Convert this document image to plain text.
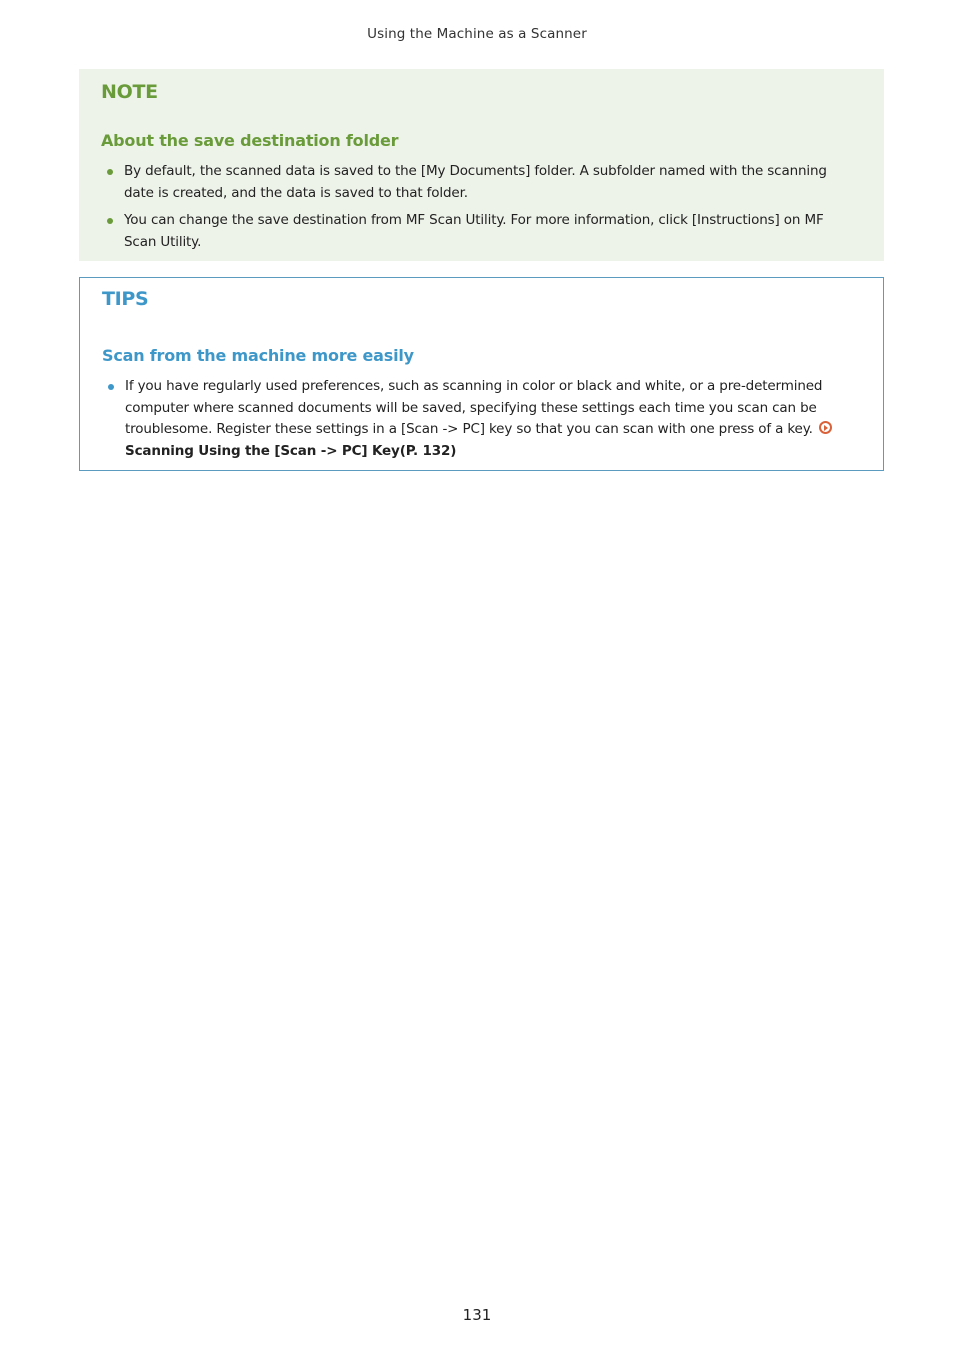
Using the Machine as a Scanner
NOTE
About the save destination folder
By default, the scanned data is saved to the [My Documents] folder. A subfolder named with the scanning date is created, and the data is saved to that folder.
You can change the save destination from MF Scan Utility. For more information, click [Instructions] on MF Scan Utility.
TIPS
Scan from the machine more easily
If you have regularly used preferences, such as scanning in color or black and white, or a pre-determined computer where scanned documents will be saved, specifying these settings each time you scan can be troublesome. Register these settings in a [Scan -> PC] key so that you can scan with one press of a key.
Scanning Using the [Scan -> PC] Key(P. 132)
131
